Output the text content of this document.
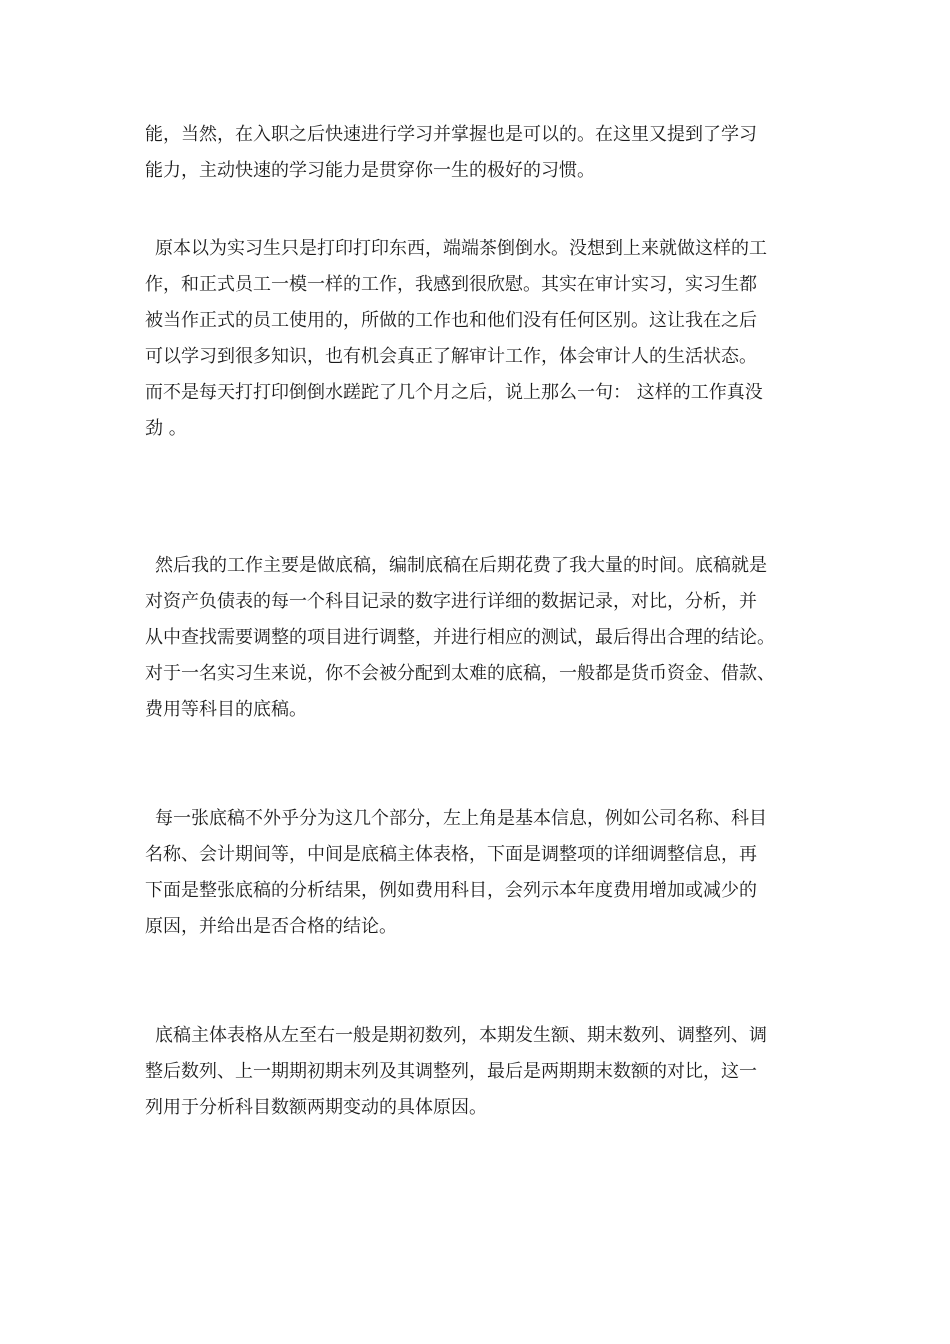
能，当然，在入职之后快速进行学习并掌握也是可以的。在这里又提到了学习
能力，主动快速的学习能力是贯穿你一生的极好的习惯。

原本以为实习生只是打印打印东西，端端茶倒倒水。没想到上来就做这样的工
作，和正式员工一模一样的工作，我感到很欣慰。其实在审计实习，实习生都
被当作正式的员工使用的，所做的工作也和他们没有任何区别。这让我在之后
可以学习到很多知识，也有机会真正了解审计工作，体会审计人的生活状态。
而不是每天打打印倒倒水蹉跎了几个月之后，说上那么一句： 这样的工作真没
劲 。

然后我的工作主要是做底稿，编制底稿在后期花费了我大量的时间。底稿就是
对资产负债表的每一个科目记录的数字进行详细的数据记录，对比，分析，并
从中查找需要调整的项目进行调整，并进行相应的测试，最后得出合理的结论。
对于一名实习生来说，你不会被分配到太难的底稿，一般都是货币资金、借款、
费用等科目的底稿。

每一张底稿不外乎分为这几个部分，左上角是基本信息，例如公司名称、科目
名称、会计期间等，中间是底稿主体表格，下面是调整项的详细调整信息，再
下面是整张底稿的分析结果，例如费用科目，会列示本年度费用增加或减少的
原因，并给出是否合格的结论。

底稿主体表格从左至右一般是期初数列，本期发生额、期末数列、调整列、调
整后数列、上一期期初期末列及其调整列，最后是两期期末数额的对比，这一
列用于分析科目数额两期变动的具体原因。
